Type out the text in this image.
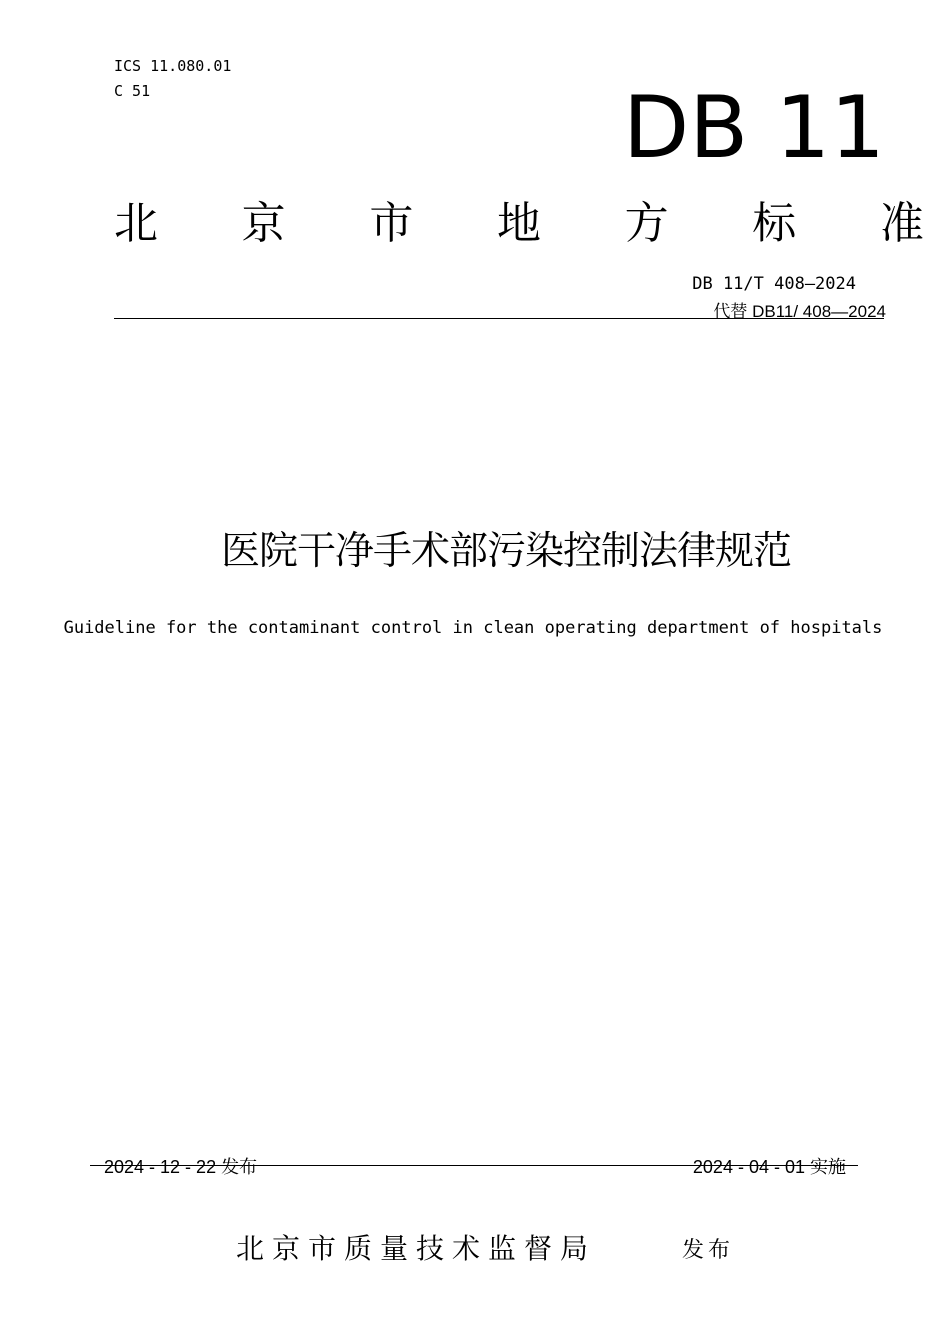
ICS 11.080.01
C 51	DB 11
北 京 市 地 方 标 准
DB 11/T 408—2024
代替 DB11/ 408—2024
医院干净手术部污染控制法律规范
Guideline for the contaminant control in clean operating department of hospitals
2024 - 12 - 22 发布	2024 - 04 - 01 实施
北京市质量技术监督局	发布
